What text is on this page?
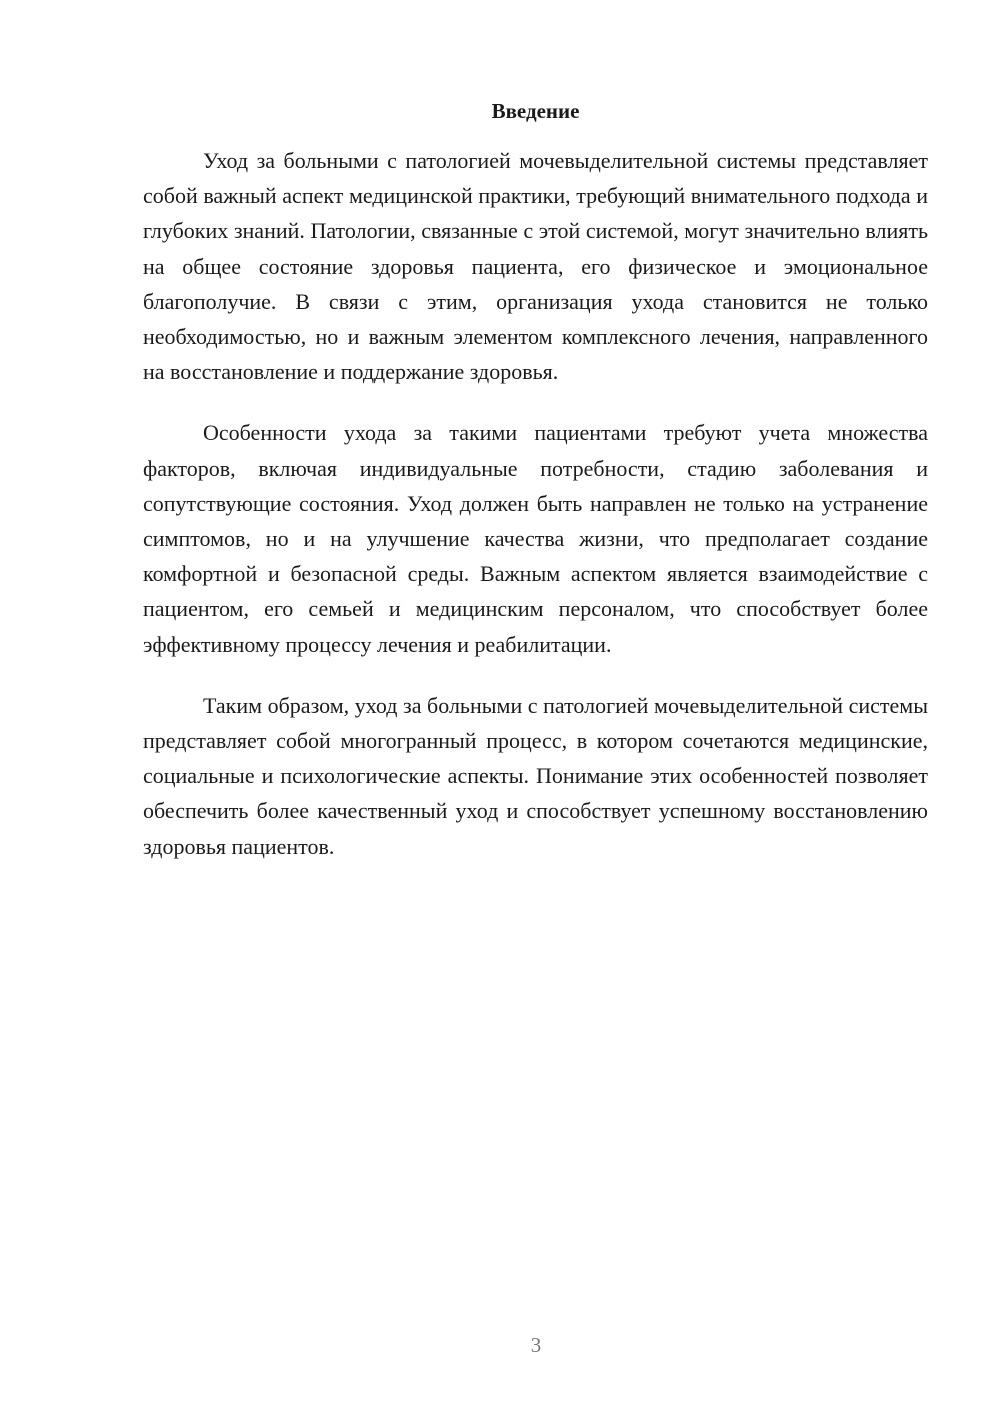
Введение

Уход за больными с патологией мочевыделительной системы представляет собой важный аспект медицинской практики, требующий внимательного подхода и глубоких знаний. Патологии, связанные с этой системой, могут значительно влиять на общее состояние здоровья пациента, его физическое и эмоциональное благополучие. В связи с этим, организация ухода становится не только необходимостью, но и важным элементом комплексного лечения, направленного на восстановление и поддержание здоровья.

Особенности ухода за такими пациентами требуют учета множества факторов, включая индивидуальные потребности, стадию заболевания и сопутствующие состояния. Уход должен быть направлен не только на устранение симптомов, но и на улучшение качества жизни, что предполагает создание комфортной и безопасной среды. Важным аспектом является взаимодействие с пациентом, его семьей и медицинским персоналом, что способствует более эффективному процессу лечения и реабилитации.

Таким образом, уход за больными с патологией мочевыделительной системы представляет собой многогранный процесс, в котором сочетаются медицинские, социальные и психологические аспекты. Понимание этих особенностей позволяет обеспечить более качественный уход и способствует успешному восстановлению здоровья пациентов.

3
